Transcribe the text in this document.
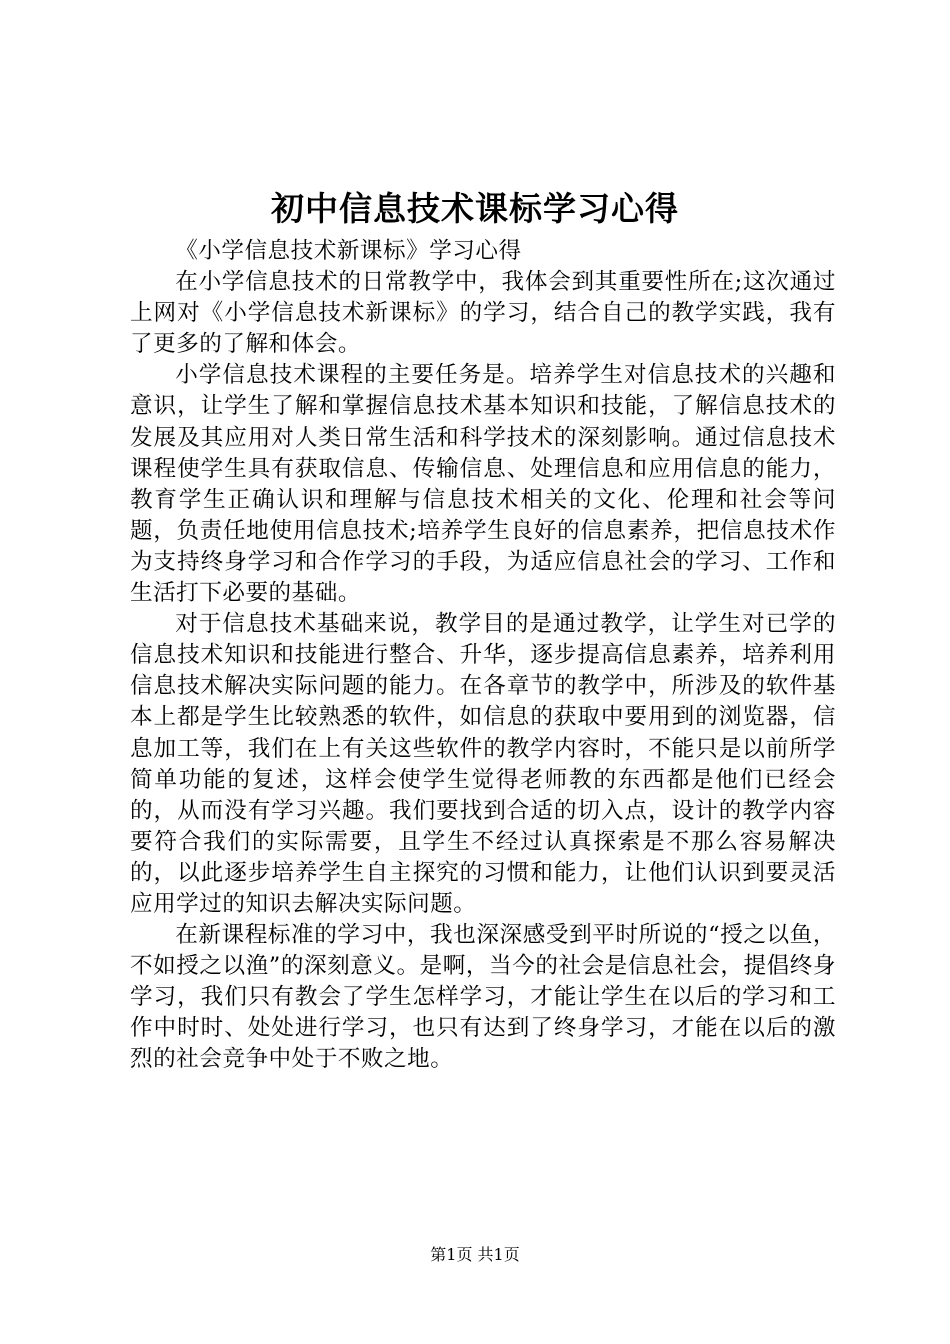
初中信息技术课标学习心得

《小学信息技术新课标》学习心得

在小学信息技术的日常教学中，我体会到其重要性所在;这次通过上网对《小学信息技术新课标》的学习，结合自己的教学实践，我有了更多的了解和体会。

小学信息技术课程的主要任务是。培养学生对信息技术的兴趣和意识，让学生了解和掌握信息技术基本知识和技能，了解信息技术的发展及其应用对人类日常生活和科学技术的深刻影响。通过信息技术课程使学生具有获取信息、传输信息、处理信息和应用信息的能力，教育学生正确认识和理解与信息技术相关的文化、伦理和社会等问题，负责任地使用信息技术;培养学生良好的信息素养，把信息技术作为支持终身学习和合作学习的手段，为适应信息社会的学习、工作和生活打下必要的基础。

对于信息技术基础来说，教学目的是通过教学，让学生对已学的信息技术知识和技能进行整合、升华，逐步提高信息素养，培养利用信息技术解决实际问题的能力。在各章节的教学中，所涉及的软件基本上都是学生比较熟悉的软件，如信息的获取中要用到的浏览器，信息加工等，我们在上有关这些软件的教学内容时，不能只是以前所学简单功能的复述，这样会使学生觉得老师教的东西都是他们已经会的，从而没有学习兴趣。我们要找到合适的切入点，设计的教学内容要符合我们的实际需要，且学生不经过认真探索是不那么容易解决的，以此逐步培养学生自主探究的习惯和能力，让他们认识到要灵活应用学过的知识去解决实际问题。

在新课程标准的学习中，我也深深感受到平时所说的“授之以鱼，不如授之以渔”的深刻意义。是啊，当今的社会是信息社会，提倡终身学习，我们只有教会了学生怎样学习，才能让学生在以后的学习和工作中时时、处处进行学习，也只有达到了终身学习，才能在以后的激烈的社会竞争中处于不败之地。

第1页 共1页
